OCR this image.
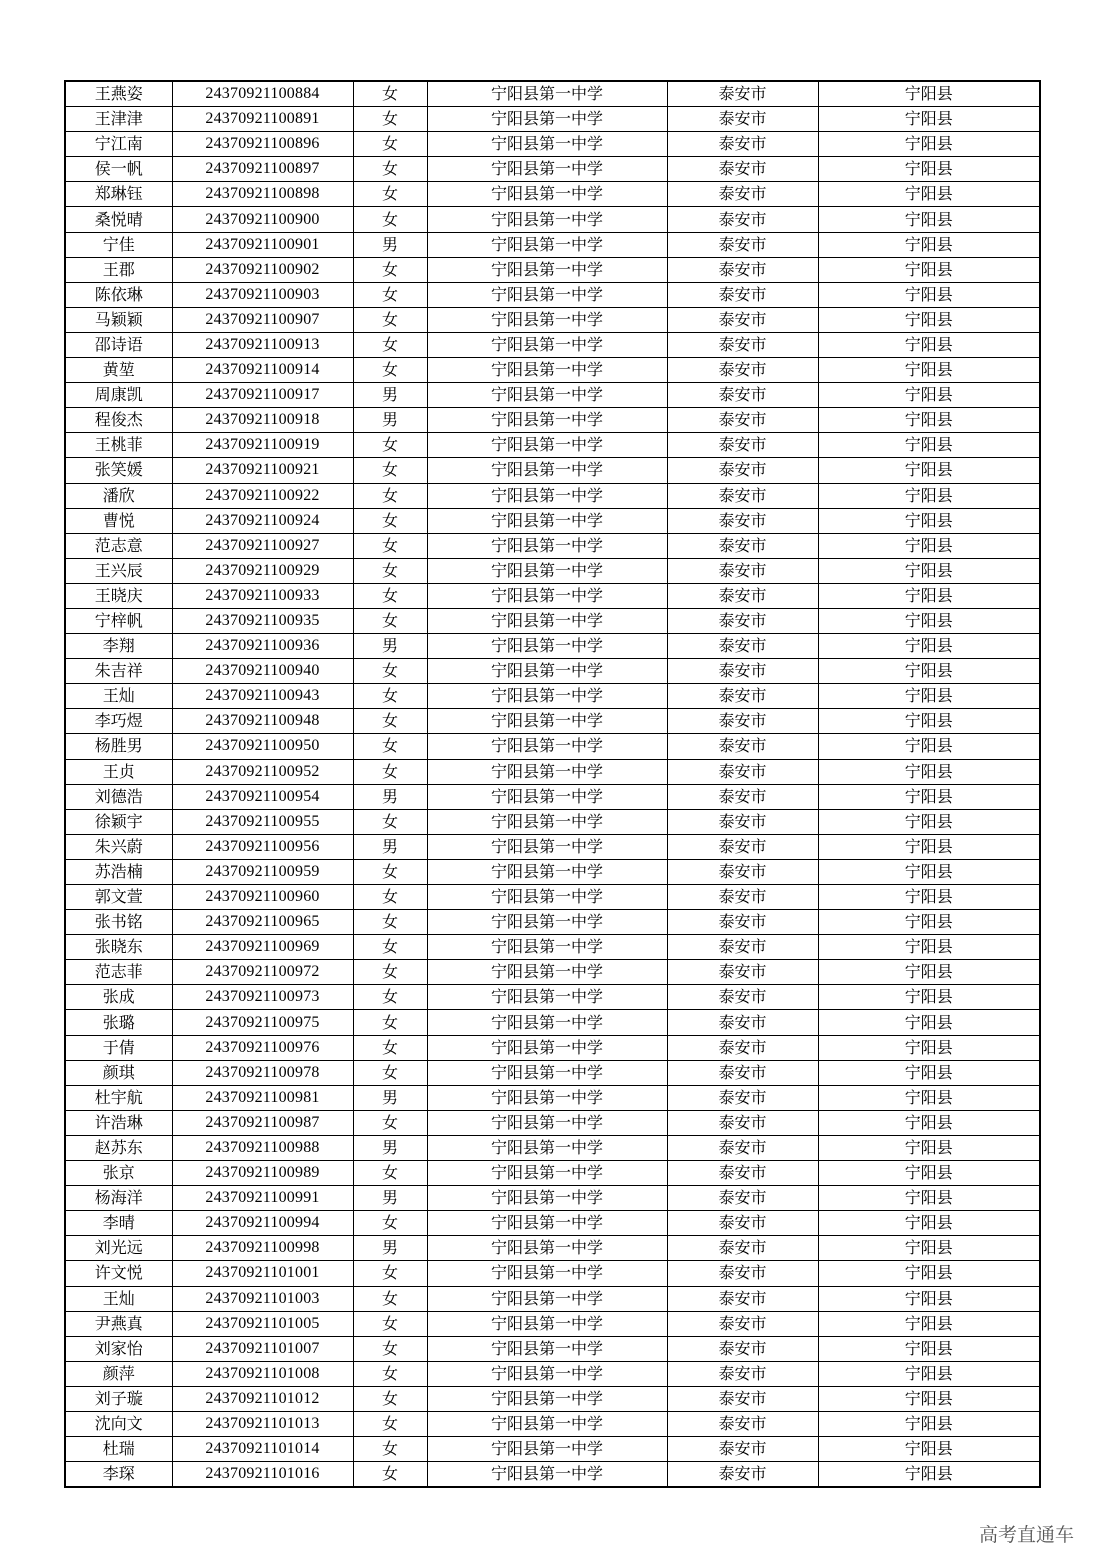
王燕姿	24370921100884	女	宁阳县第一中学	泰安市	宁阳县
王津津	24370921100891	女	宁阳县第一中学	泰安市	宁阳县
宁江南	24370921100896	女	宁阳县第一中学	泰安市	宁阳县
侯一帆	24370921100897	女	宁阳县第一中学	泰安市	宁阳县
郑琳钰	24370921100898	女	宁阳县第一中学	泰安市	宁阳县
桑悦晴	24370921100900	女	宁阳县第一中学	泰安市	宁阳县
宁佳	24370921100901	男	宁阳县第一中学	泰安市	宁阳县
王郡	24370921100902	女	宁阳县第一中学	泰安市	宁阳县
陈依琳	24370921100903	女	宁阳县第一中学	泰安市	宁阳县
马颖颖	24370921100907	女	宁阳县第一中学	泰安市	宁阳县
邵诗语	24370921100913	女	宁阳县第一中学	泰安市	宁阳县
黄堃	24370921100914	女	宁阳县第一中学	泰安市	宁阳县
周康凯	24370921100917	男	宁阳县第一中学	泰安市	宁阳县
程俊杰	24370921100918	男	宁阳县第一中学	泰安市	宁阳县
王桃菲	24370921100919	女	宁阳县第一中学	泰安市	宁阳县
张笑媛	24370921100921	女	宁阳县第一中学	泰安市	宁阳县
潘欣	24370921100922	女	宁阳县第一中学	泰安市	宁阳县
曹悦	24370921100924	女	宁阳县第一中学	泰安市	宁阳县
范志意	24370921100927	女	宁阳县第一中学	泰安市	宁阳县
王兴辰	24370921100929	女	宁阳县第一中学	泰安市	宁阳县
王晓庆	24370921100933	女	宁阳县第一中学	泰安市	宁阳县
宁梓帆	24370921100935	女	宁阳县第一中学	泰安市	宁阳县
李翔	24370921100936	男	宁阳县第一中学	泰安市	宁阳县
朱吉祥	24370921100940	女	宁阳县第一中学	泰安市	宁阳县
王灿	24370921100943	女	宁阳县第一中学	泰安市	宁阳县
李巧煜	24370921100948	女	宁阳县第一中学	泰安市	宁阳县
杨胜男	24370921100950	女	宁阳县第一中学	泰安市	宁阳县
王贞	24370921100952	女	宁阳县第一中学	泰安市	宁阳县
刘德浩	24370921100954	男	宁阳县第一中学	泰安市	宁阳县
徐颖宇	24370921100955	女	宁阳县第一中学	泰安市	宁阳县
朱兴蔚	24370921100956	男	宁阳县第一中学	泰安市	宁阳县
苏浩楠	24370921100959	女	宁阳县第一中学	泰安市	宁阳县
郭文萱	24370921100960	女	宁阳县第一中学	泰安市	宁阳县
张书铭	24370921100965	女	宁阳县第一中学	泰安市	宁阳县
张晓东	24370921100969	女	宁阳县第一中学	泰安市	宁阳县
范志菲	24370921100972	女	宁阳县第一中学	泰安市	宁阳县
张成	24370921100973	女	宁阳县第一中学	泰安市	宁阳县
张璐	24370921100975	女	宁阳县第一中学	泰安市	宁阳县
于倩	24370921100976	女	宁阳县第一中学	泰安市	宁阳县
颜琪	24370921100978	女	宁阳县第一中学	泰安市	宁阳县
杜宇航	24370921100981	男	宁阳县第一中学	泰安市	宁阳县
许浩琳	24370921100987	女	宁阳县第一中学	泰安市	宁阳县
赵苏东	24370921100988	男	宁阳县第一中学	泰安市	宁阳县
张京	24370921100989	女	宁阳县第一中学	泰安市	宁阳县
杨海洋	24370921100991	男	宁阳县第一中学	泰安市	宁阳县
李晴	24370921100994	女	宁阳县第一中学	泰安市	宁阳县
刘光远	24370921100998	男	宁阳县第一中学	泰安市	宁阳县
许文悦	24370921101001	女	宁阳县第一中学	泰安市	宁阳县
王灿	24370921101003	女	宁阳县第一中学	泰安市	宁阳县
尹燕真	24370921101005	女	宁阳县第一中学	泰安市	宁阳县
刘家怡	24370921101007	女	宁阳县第一中学	泰安市	宁阳县
颜萍	24370921101008	女	宁阳县第一中学	泰安市	宁阳县
刘子璇	24370921101012	女	宁阳县第一中学	泰安市	宁阳县
沈向文	24370921101013	女	宁阳县第一中学	泰安市	宁阳县
杜瑞	24370921101014	女	宁阳县第一中学	泰安市	宁阳县
李琛	24370921101016	女	宁阳县第一中学	泰安市	宁阳县
高考直通车
